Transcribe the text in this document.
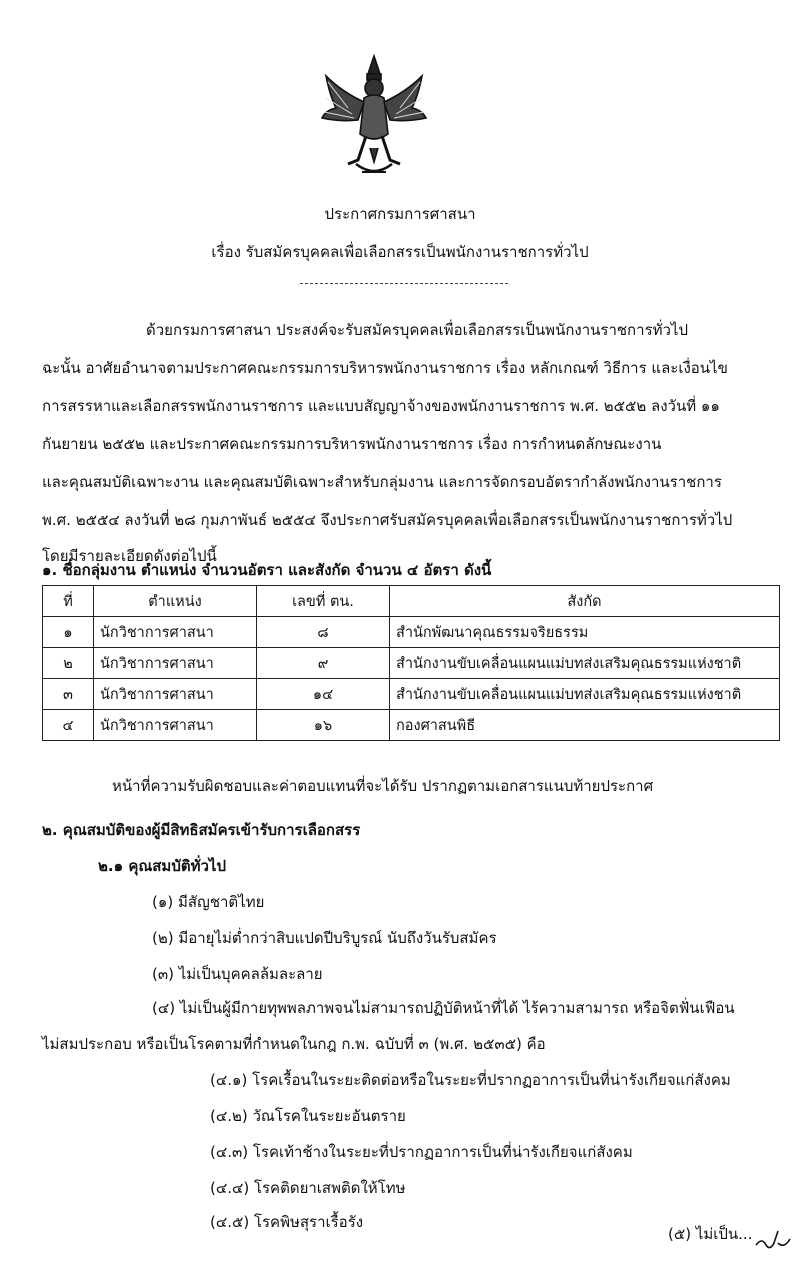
ประกาศกรมการศาสนา
เรื่อง รับสมัครบุคคลเพื่อเลือกสรรเป็นพนักงานราชการทั่วไป
ด้วยกรมการศาสนา ประสงค์จะรับสมัครบุคคลเพื่อเลือกสรรเป็นพนักงานราชการทั่วไป
ฉะนั้น อาศัยอำนาจตามประกาศคณะกรรมการบริหารพนักงานราชการ เรื่อง หลักเกณฑ์ วิธีการ และเงื่อนไข
การสรรหาและเลือกสรรพนักงานราชการ และแบบสัญญาจ้างของพนักงานราชการ พ.ศ. ๒๕๕๒ ลงวันที่ ๑๑
กันยายน ๒๕๕๒ และประกาศคณะกรรมการบริหารพนักงานราชการ เรื่อง การกำหนดลักษณะงาน
และคุณสมบัติเฉพาะงาน และคุณสมบัติเฉพาะสำหรับกลุ่มงาน และการจัดกรอบอัตรากำลังพนักงานราชการ
พ.ศ. ๒๕๕๔ ลงวันที่ ๒๘ กุมภาพันธ์ ๒๕๕๔ จึงประกาศรับสมัครบุคคลเพื่อเลือกสรรเป็นพนักงานราชการทั่วไป
โดยมีรายละเอียดดังต่อไปนี้
๑. ชื่อกลุ่มงาน ตำแหน่ง จำนวนอัตรา และสังกัด จำนวน ๔ อัตรา ดังนี้
ที่	ตำแหน่ง	เลขที่ ตน.	สังกัด
๑	นักวิชาการศาสนา	๘	สำนักพัฒนาคุณธรรมจริยธรรม
๒	นักวิชาการศาสนา	๙	สำนักงานขับเคลื่อนแผนแม่บทส่งเสริมคุณธรรมแห่งชาติ
๓	นักวิชาการศาสนา	๑๔	สำนักงานขับเคลื่อนแผนแม่บทส่งเสริมคุณธรรมแห่งชาติ
๔	นักวิชาการศาสนา	๑๖	กองศาสนพิธี
หน้าที่ความรับผิดชอบและค่าตอบแทนที่จะได้รับ ปรากฏตามเอกสารแนบท้ายประกาศ
๒. คุณสมบัติของผู้มีสิทธิสมัครเข้ารับการเลือกสรร
๒.๑ คุณสมบัติทั่วไป
(๑) มีสัญชาติไทย
(๒) มีอายุไม่ต่ำกว่าสิบแปดปีบริบูรณ์ นับถึงวันรับสมัคร
(๓) ไม่เป็นบุคคลล้มละลาย
(๔) ไม่เป็นผู้มีกายทุพพลภาพจนไม่สามารถปฏิบัติหน้าที่ได้ ไร้ความสามารถ หรือจิตฟั่นเฟือน
ไม่สมประกอบ หรือเป็นโรคตามที่กำหนดในกฎ ก.พ. ฉบับที่ ๓ (พ.ศ. ๒๕๓๕) คือ
(๔.๑) โรคเรื้อนในระยะติดต่อหรือในระยะที่ปรากฏอาการเป็นที่น่ารังเกียจแก่สังคม
(๔.๒) วัณโรคในระยะอันตราย
(๔.๓) โรคเท้าช้างในระยะที่ปรากฏอาการเป็นที่น่ารังเกียจแก่สังคม
(๔.๔) โรคติดยาเสพติดให้โทษ
(๔.๕) โรคพิษสุราเรื้อรัง
(๕) ไม่เป็น...
